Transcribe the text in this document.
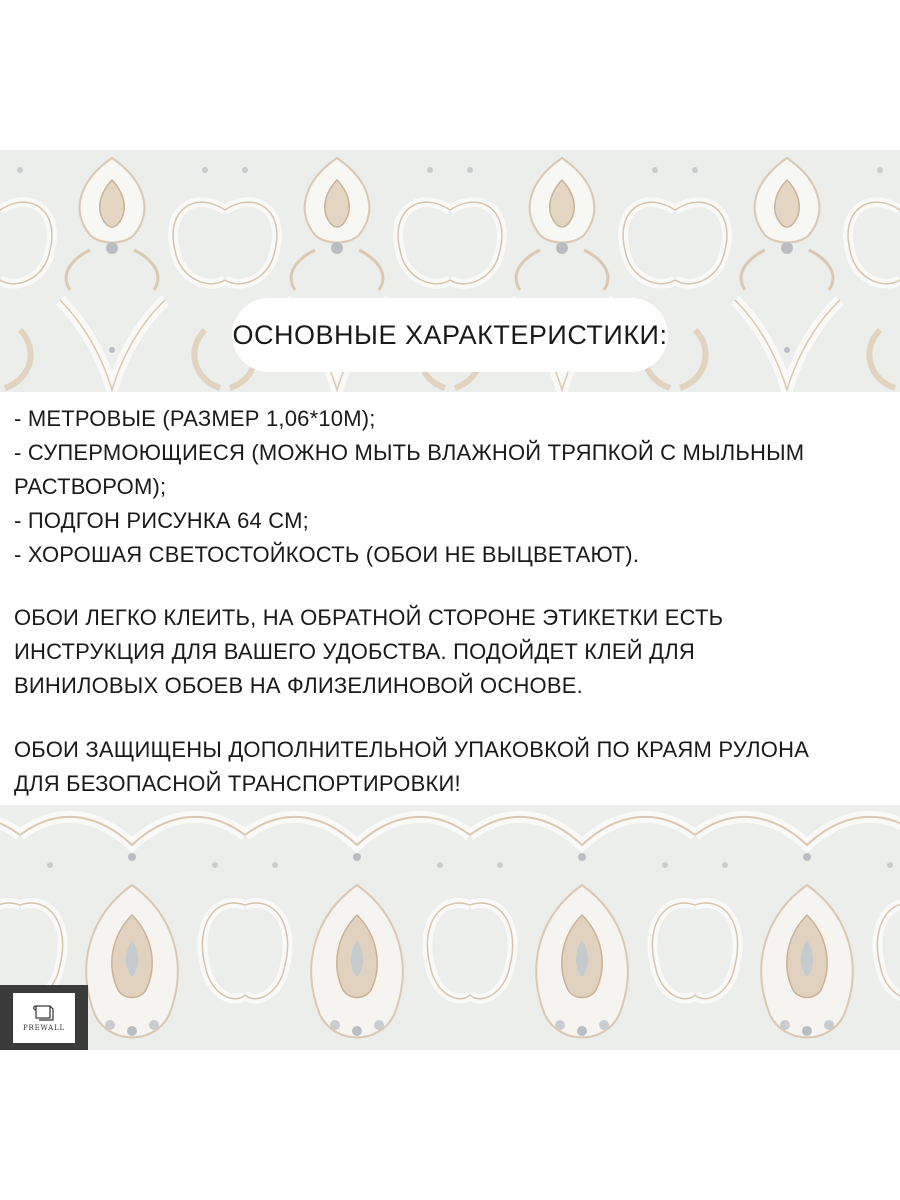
ОСНОВНЫЕ ХАРАКТЕРИСТИКИ:
- МЕТРОВЫЕ (РАЗМЕР 1,06*10М);
- СУПЕРМОЮЩИЕСЯ (МОЖНО МЫТЬ ВЛАЖНОЙ ТРЯПКОЙ С МЫЛЬНЫМ
РАСТВОРОМ);
- ПОДГОН РИСУНКА 64 СМ;
- ХОРОШАЯ СВЕТОСТОЙКОСТЬ (ОБОИ НЕ ВЫЦВЕТАЮТ).
ОБОИ ЛЕГКО КЛЕИТЬ, НА ОБРАТНОЙ СТОРОНЕ ЭТИКЕТКИ ЕСТЬ
ИНСТРУКЦИЯ ДЛЯ ВАШЕГО УДОБСТВА. ПОДОЙДЕТ КЛЕЙ ДЛЯ
ВИНИЛОВЫХ ОБОЕВ НА ФЛИЗЕЛИНОВОЙ ОСНОВЕ.
ОБОИ ЗАЩИЩЕНЫ ДОПОЛНИТЕЛЬНОЙ УПАКОВКОЙ ПО КРАЯМ РУЛОНА
ДЛЯ БЕЗОПАСНОЙ ТРАНСПОРТИРОВКИ!
PREWALL
